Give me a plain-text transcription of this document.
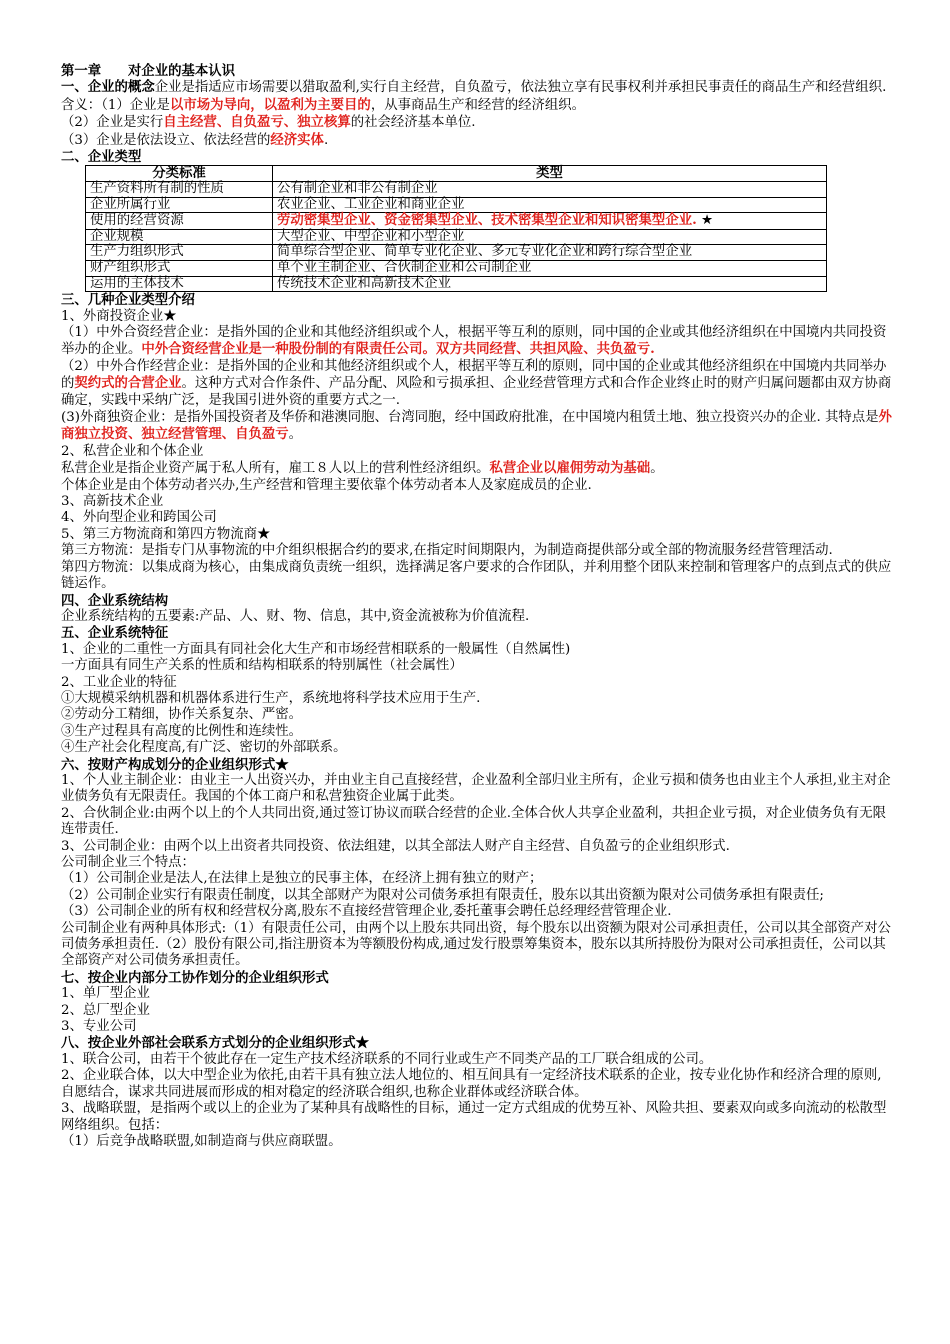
第一章　　对企业的基本认识

一、企业的概念企业是指适应市场需要以猎取盈利,实行自主经营，自负盈亏，依法独立享有民事权利并承担民事责任的商品生产和经营组织.

含义：（1）企业是以市场为导向，以盈利为主要目的，从事商品生产和经营的经济组织。

（2）企业是实行自主经营、自负盈亏、独立核算的社会经济基本单位.

（3）企业是依法设立、依法经营的经济实体.

二、企业类型

分类标准	类型
生产资料所有制的性质	公有制企业和非公有制企业
企业所属行业	农业企业、工业企业和商业企业
使用的经营资源	劳动密集型企业、资金密集型企业、技术密集型企业和知识密集型企业. ★
企业规模	大型企业、中型企业和小型企业
生产力组织形式	简单综合型企业、简单专业化企业、多元专业化企业和跨行综合型企业
财产组织形式	单个业主制企业、合伙制企业和公司制企业
运用的主体技术	传统技术企业和高新技术企业

三、几种企业类型介绍

1、外商投资企业★

（1）中外合资经营企业：是指外国的企业和其他经济组织或个人，根据平等互利的原则，同中国的企业或其他经济组织在中国境内共同投资举办的企业。中外合资经营企业是一种股份制的有限责任公司。双方共同经营、共担风险、共负盈亏.

（2）中外合作经营企业：是指外国的企业和其他经济组织或个人，根据平等互利的原则，同中国的企业或其他经济组织在中国境内共同举办的契约式的合营企业。这种方式对合作条件、产品分配、风险和亏损承担、企业经营管理方式和合作企业终止时的财产归属问题都由双方协商确定，实践中采纳广泛，是我国引进外资的重要方式之一.

(3)外商独资企业：是指外国投资者及华侨和港澳同胞、台湾同胞，经中国政府批准，在中国境内租赁土地、独立投资兴办的企业. 其特点是外商独立投资、独立经营管理、自负盈亏。

2、私营企业和个体企业

私营企业是指企业资产属于私人所有，雇工８人以上的营利性经济组织。私营企业以雇佣劳动为基础。

个体企业是由个体劳动者兴办,生产经营和管理主要依靠个体劳动者本人及家庭成员的企业.

3、高新技术企业

4、外向型企业和跨国公司

5、第三方物流商和第四方物流商★

第三方物流：是指专门从事物流的中介组织根据合约的要求,在指定时间期限内，为制造商提供部分或全部的物流服务经营管理活动.

第四方物流：以集成商为核心，由集成商负责统一组织，选择满足客户要求的合作团队，并利用整个团队来控制和管理客户的点到点式的供应链运作。

四、企业系统结构

企业系统结构的五要素:产品、人、财、物、信息，其中,资金流被称为价值流程.

五、企业系统特征

1、企业的二重性一方面具有同社会化大生产和市场经营相联系的一般属性（自然属性)

一方面具有同生产关系的性质和结构相联系的特别属性（社会属性）

2、工业企业的特征

①大规模采纳机器和机器体系进行生产，系统地将科学技术应用于生产.

②劳动分工精细，协作关系复杂、严密。

③生产过程具有高度的比例性和连续性。

④生产社会化程度高,有广泛、密切的外部联系。

六、按财产构成划分的企业组织形式★

1、个人业主制企业：由业主一人出资兴办，并由业主自己直接经营，企业盈利全部归业主所有，企业亏损和债务也由业主个人承担,业主对企业债务负有无限责任。我国的个体工商户和私营独资企业属于此类。

2、合伙制企业:由两个以上的个人共同出资,通过签订协议而联合经营的企业.全体合伙人共享企业盈利，共担企业亏损，对企业债务负有无限连带责任.

3、公司制企业：由两个以上出资者共同投资、依法组建，以其全部法人财产自主经营、自负盈亏的企业组织形式.

公司制企业三个特点：

（1）公司制企业是法人,在法律上是独立的民事主体，在经济上拥有独立的财产；

（2）公司制企业实行有限责任制度，以其全部财产为限对公司债务承担有限责任，股东以其出资额为限对公司债务承担有限责任;

（3）公司制企业的所有权和经营权分离,股东不直接经营管理企业,委托董事会聘任总经理经营管理企业.

公司制企业有两种具体形式:（1）有限责任公司，由两个以上股东共同出资，每个股东以出资额为限对公司承担责任，公司以其全部资产对公司债务承担责任.（2）股份有限公司,指注册资本为等额股份构成,通过发行股票筹集资本，股东以其所持股份为限对公司承担责任，公司以其全部资产对公司债务承担责任。

七、按企业内部分工协作划分的企业组织形式

1、单厂型企业

2、总厂型企业

3、专业公司

八、按企业外部社会联系方式划分的企业组织形式★

1、联合公司，由若干个彼此存在一定生产技术经济联系的不同行业或生产不同类产品的工厂联合组成的公司。

2、企业联合体，以大中型企业为依托,由若干具有独立法人地位的、相互间具有一定经济技术联系的企业，按专业化协作和经济合理的原则,自愿结合，谋求共同进展而形成的相对稳定的经济联合组织,也称企业群体或经济联合体。

3、战略联盟，是指两个或以上的企业为了某种具有战略性的目标，通过一定方式组成的优势互补、风险共担、要素双向或多向流动的松散型网络组织。包括：

（1）后竞争战略联盟,如制造商与供应商联盟。
